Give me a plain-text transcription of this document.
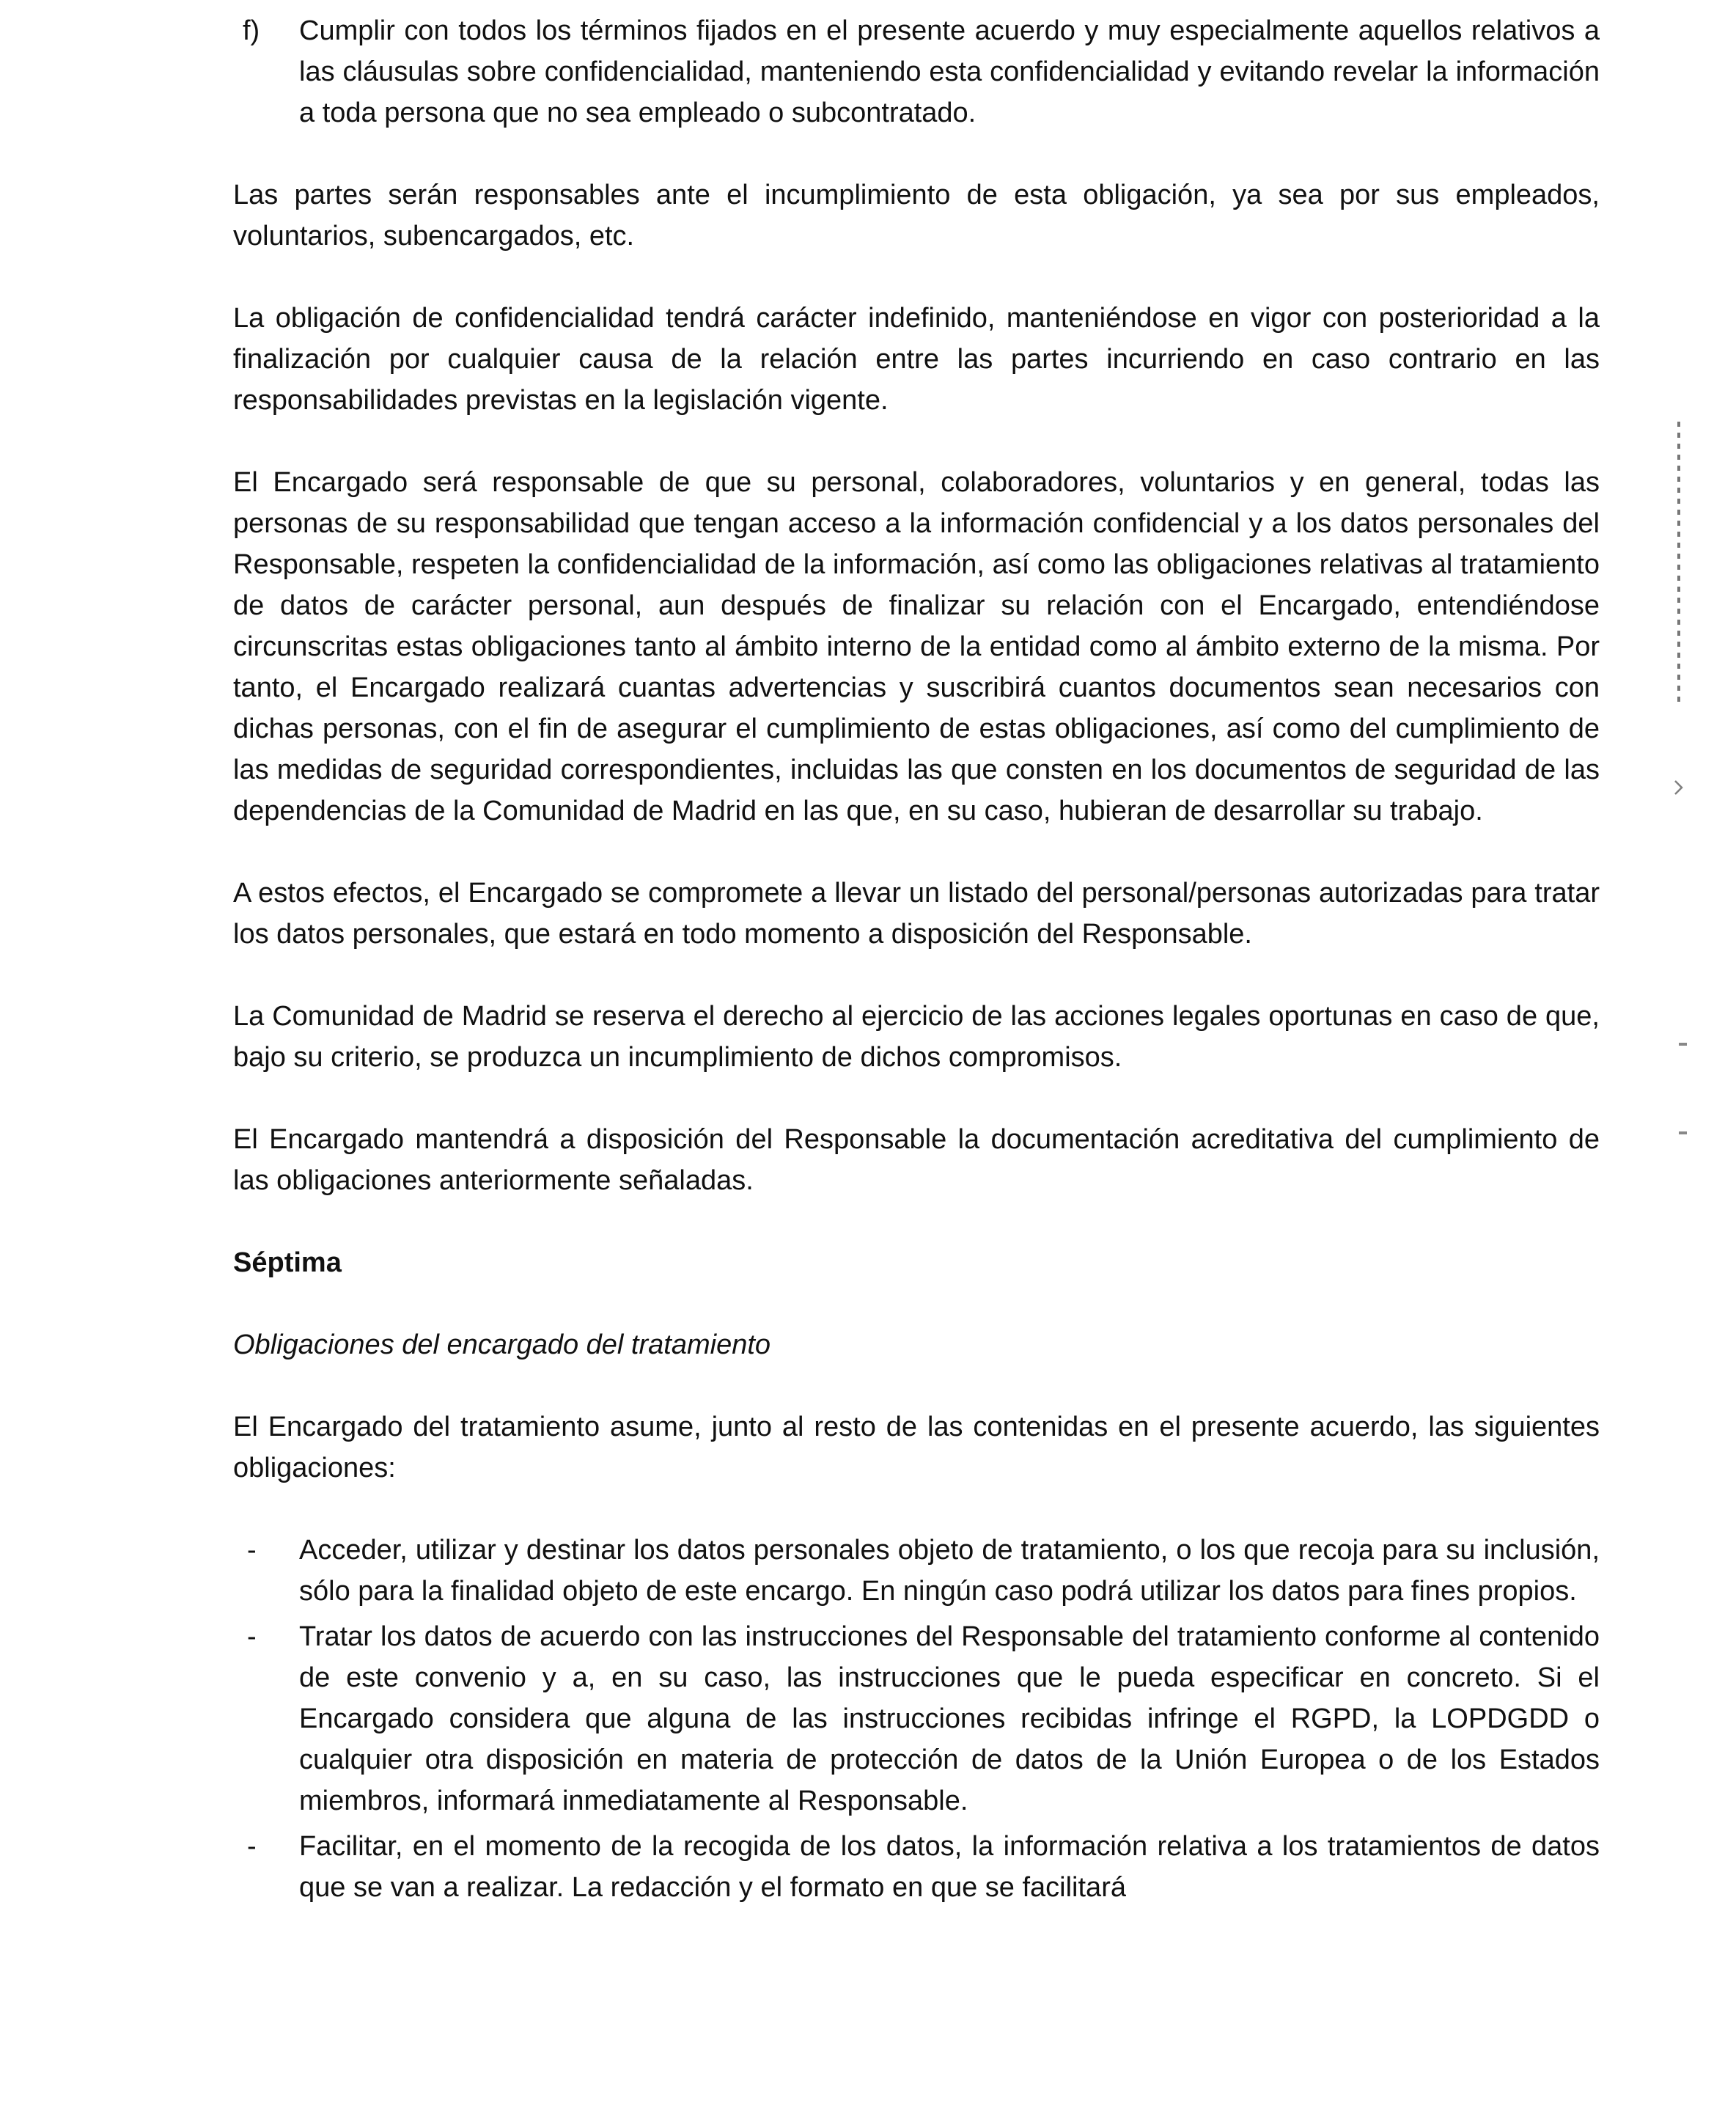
f)	Cumplir con todos los términos fijados en el presente acuerdo y muy especialmente aquellos relativos a las cláusulas sobre confidencialidad, manteniendo esta confidencialidad y evitando revelar la información a toda persona que no sea empleado o subcontratado.

Las partes serán responsables ante el incumplimiento de esta obligación, ya sea por sus empleados, voluntarios, subencargados, etc.

La obligación de confidencialidad tendrá carácter indefinido, manteniéndose en vigor con posterioridad a la finalización por cualquier causa de la relación entre las partes incurriendo en caso contrario en las responsabilidades previstas en la legislación vigente.

El Encargado será responsable de que su personal, colaboradores, voluntarios y en general, todas las personas de su responsabilidad que tengan acceso a la información confidencial y a los datos personales del Responsable, respeten la confidencialidad de la información, así como las obligaciones relativas al tratamiento de datos de carácter personal, aun después de finalizar su relación con el Encargado, entendiéndose circunscritas estas obligaciones tanto al ámbito interno de la entidad como al ámbito externo de la misma. Por tanto, el Encargado realizará cuantas advertencias y suscribirá cuantos documentos sean necesarios con dichas personas, con el fin de asegurar el cumplimiento de estas obligaciones, así como del cumplimiento de las medidas de seguridad correspondientes, incluidas las que consten en los documentos de seguridad de las dependencias de la Comunidad de Madrid en las que, en su caso, hubieran de desarrollar su trabajo.

A estos efectos, el Encargado se compromete a llevar un listado del personal/personas autorizadas para tratar los datos personales, que estará en todo momento a disposición del Responsable.

La Comunidad de Madrid se reserva el derecho al ejercicio de las acciones legales oportunas en caso de que, bajo su criterio, se produzca un incumplimiento de dichos compromisos.

El Encargado mantendrá a disposición del Responsable la documentación acreditativa del cumplimiento de las obligaciones anteriormente señaladas.

Séptima

Obligaciones del encargado del tratamiento

El Encargado del tratamiento asume, junto al resto de las contenidas en el presente acuerdo, las siguientes obligaciones:

-	Acceder, utilizar y destinar los datos personales objeto de tratamiento, o los que recoja para su inclusión, sólo para la finalidad objeto de este encargo. En ningún caso podrá utilizar los datos para fines propios.
-	Tratar los datos de acuerdo con las instrucciones del Responsable del tratamiento conforme al contenido de este convenio y a, en su caso, las instrucciones que le pueda especificar en concreto. Si el Encargado considera que alguna de las instrucciones recibidas infringe el RGPD, la LOPDGDD o cualquier otra disposición en materia de protección de datos de la Unión Europea o de los Estados miembros, informará inmediatamente al Responsable.
-	Facilitar, en el momento de la recogida de los datos, la información relativa a los tratamientos de datos que se van a realizar. La redacción y el formato en que se facilitará
